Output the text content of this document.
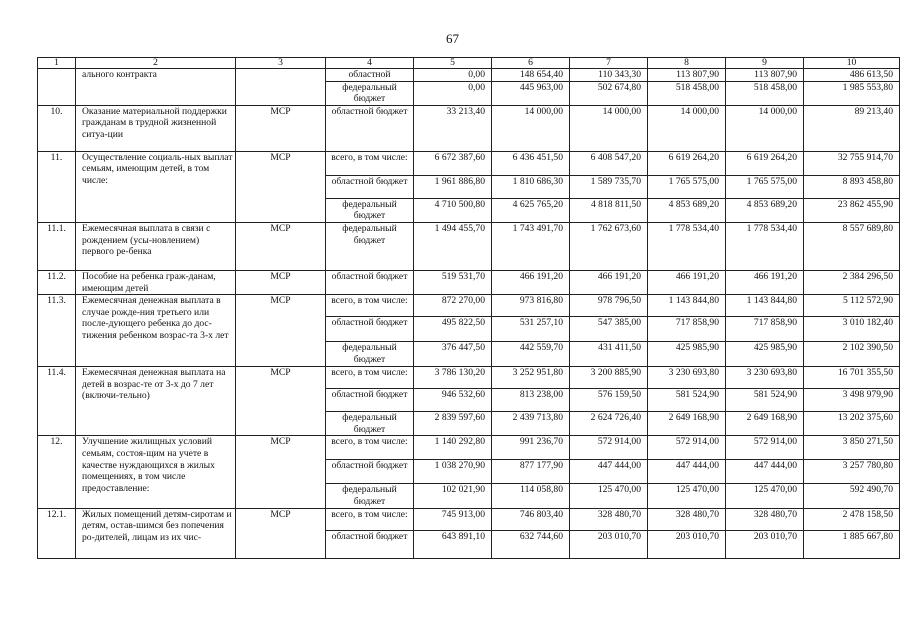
67
1	2	3	4	5	6	7	8	9	10
	ального контракта		областной	0,00	148 654,40	110 343,30	113 807,90	113 807,90	486 613,50
			федеральный бюджет	0,00	445 963,00	502 674,80	518 458,00	518 458,00	1 985 553,80
10.	Оказание материальной поддержки гражданам в трудной жизненной ситуа-ции	МСР	областной бюджет	33 213,40	14 000,00	14 000,00	14 000,00	14 000,00	89 213,40
11.	Осуществление социаль-ных выплат семьям, имеющим детей, в том числе:	МСР	всего, в том числе:	6 672 387,60	6 436 451,50	6 408 547,20	6 619 264,20	6 619 264,20	32 755 914,70
			областной бюджет	1 961 886,80	1 810 686,30	1 589 735,70	1 765 575,00	1 765 575,00	8 893 458,80
			федеральный бюджет	4 710 500,80	4 625 765,20	4 818 811,50	4 853 689,20	4 853 689,20	23 862 455,90
11.1.	Ежемесячная выплата в связи с рождением (усы-новлением) первого ре-бенка	МСР	федеральный бюджет	1 494 455,70	1 743 491,70	1 762 673,60	1 778 534,40	1 778 534,40	8 557 689,80
11.2.	Пособие на ребенка граж-данам, имеющим детей	МСР	областной бюджет	519 531,70	466 191,20	466 191,20	466 191,20	466 191,20	2 384 296,50
11.3.	Ежемесячная денежная выплата в случае рожде-ния третьего или после-дующего ребенка до дос-тижения ребенком возрас-та 3-х лет	МСР	всего, в том числе:	872 270,00	973 816,80	978 796,50	1 143 844,80	1 143 844,80	5 112 572,90
			областной бюджет	495 822,50	531 257,10	547 385,00	717 858,90	717 858,90	3 010 182,40
			федеральный бюджет	376 447,50	442 559,70	431 411,50	425 985,90	425 985,90	2 102 390,50
11.4.	Ежемесячная денежная выплата на детей в возрас-те от 3-х до 7 лет (включи-тельно)	МСР	всего, в том числе:	3 786 130,20	3 252 951,80	3 200 885,90	3 230 693,80	3 230 693,80	16 701 355,50
			областной бюджет	946 532,60	813 238,00	576 159,50	581 524,90	581 524,90	3 498 979,90
			федеральный бюджет	2 839 597,60	2 439 713,80	2 624 726,40	2 649 168,90	2 649 168,90	13 202 375,60
12.	Улучшение жилищных условий семьям, состоя-щим на учете в качестве нуждающихся в жилых помещениях, в том числе предоставление:	МСР	всего, в том числе:	1 140 292,80	991 236,70	572 914,00	572 914,00	572 914,00	3 850 271,50
			областной бюджет	1 038 270,90	877 177,90	447 444,00	447 444,00	447 444,00	3 257 780,80
			федеральный бюджет	102 021,90	114 058,80	125 470,00	125 470,00	125 470,00	592 490,70
12.1.	Жилых помещений детям-сиротам и детям, остав-шимся без попечения ро-дителей, лицам из их чис-	МСР	всего, в том числе:	745 913,00	746 803,40	328 480,70	328 480,70	328 480,70	2 478 158,50
			областной бюджет	643 891,10	632 744,60	203 010,70	203 010,70	203 010,70	1 885 667,80
